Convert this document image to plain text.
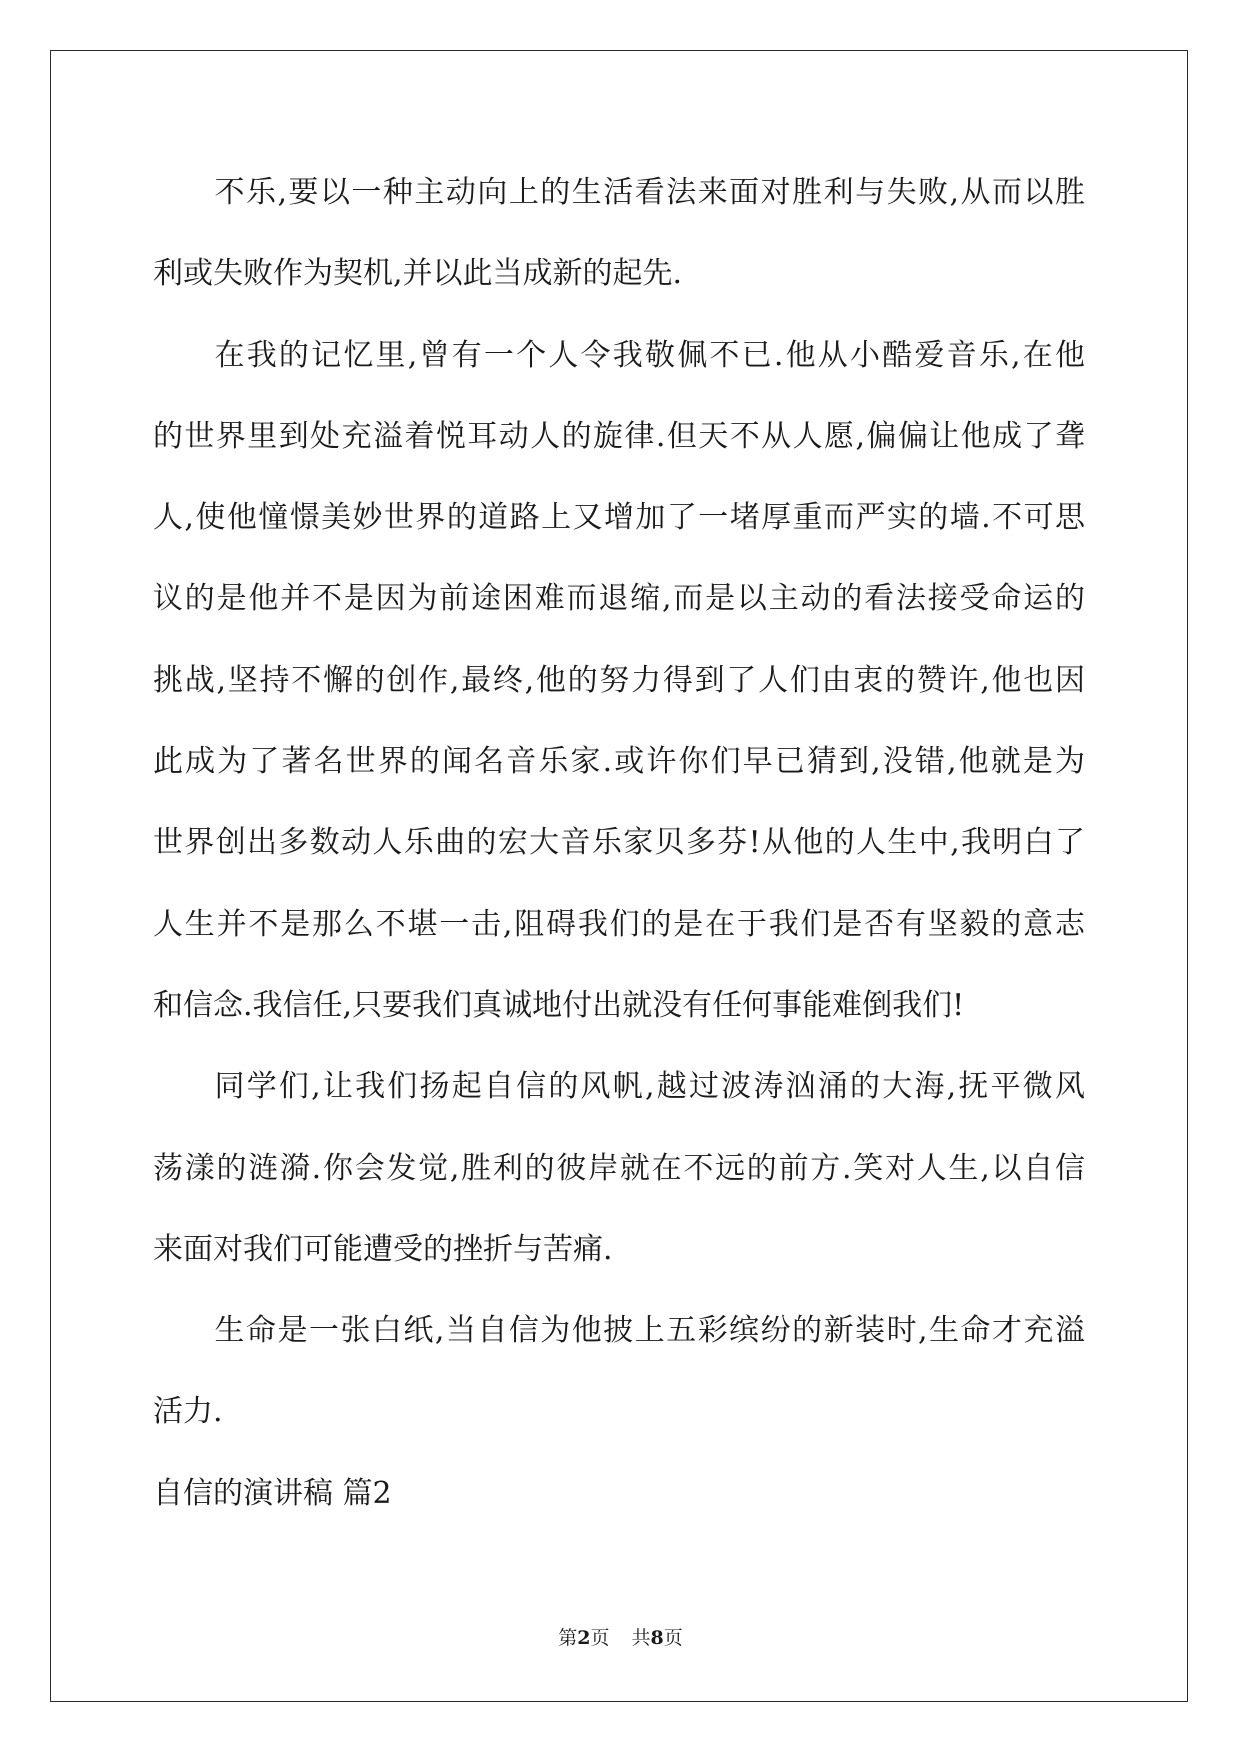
不乐,要以一种主动向上的生活看法来面对胜利与失败,从而以胜
利或失败作为契机,并以此当成新的起先.
在我的记忆里,曾有一个人令我敬佩不已.他从小酷爱音乐,在他
的世界里到处充溢着悦耳动人的旋律.但天不从人愿,偏偏让他成了聋
人,使他憧憬美妙世界的道路上又增加了一堵厚重而严实的墙.不可思
议的是他并不是因为前途困难而退缩,而是以主动的看法接受命运的
挑战,坚持不懈的创作,最终,他的努力得到了人们由衷的赞许,他也因
此成为了著名世界的闻名音乐家.或许你们早已猜到,没错,他就是为
世界创出多数动人乐曲的宏大音乐家贝多芬!从他的人生中,我明白了
人生并不是那么不堪一击,阻碍我们的是在于我们是否有坚毅的意志
和信念.我信任,只要我们真诚地付出就没有任何事能难倒我们!
同学们,让我们扬起自信的风帆,越过波涛汹涌的大海,抚平微风
荡漾的涟漪.你会发觉,胜利的彼岸就在不远的前方.笑对人生,以自信
来面对我们可能遭受的挫折与苦痛.
生命是一张白纸,当自信为他披上五彩缤纷的新装时,生命才充溢
活力.
自信的演讲稿 篇2
第2页 共8页
